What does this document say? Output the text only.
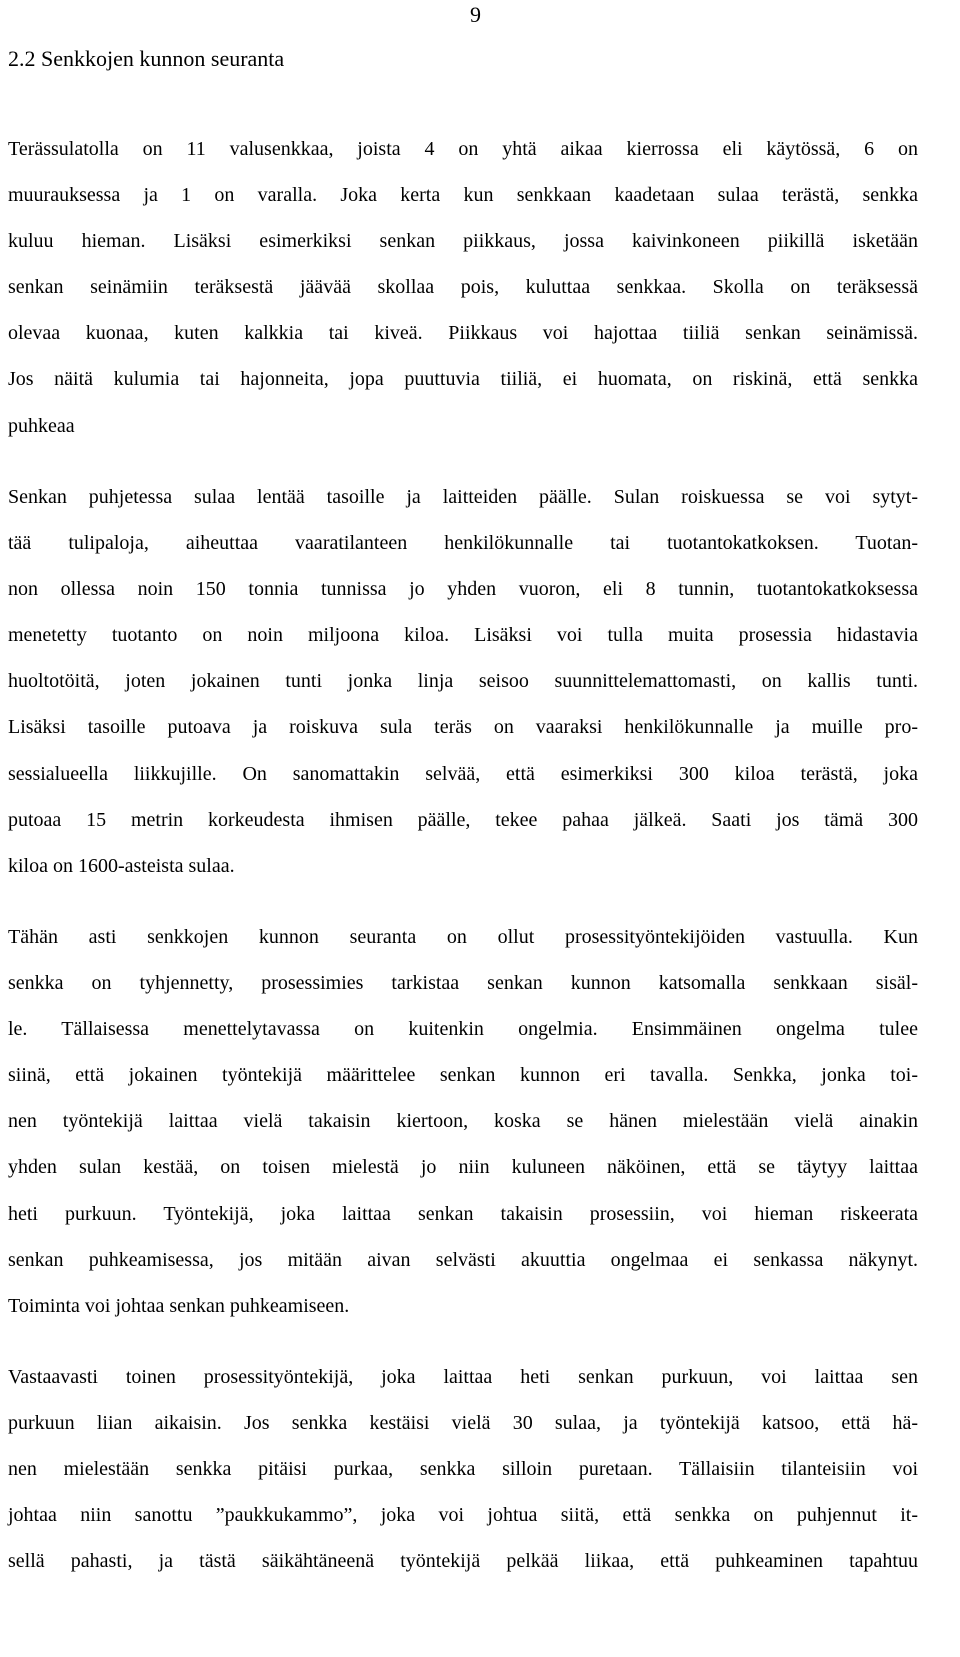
9
2.2 Senkkojen kunnon seuranta
Terässulatolla on 11 valusenkkaa, joista 4 on yhtä aikaa kierrossa eli käytössä, 6 on
muurauksessa ja 1 on varalla. Joka kerta kun senkkaan kaadetaan sulaa terästä, senkka
kuluu hieman. Lisäksi esimerkiksi senkan piikkaus, jossa kaivinkoneen piikillä isketään
senkan seinämiin teräksestä jäävää skollaa pois, kuluttaa senkkaa. Skolla on teräksessä
olevaa kuonaa, kuten kalkkia tai kiveä. Piikkaus voi hajottaa tiiliä senkan seinämissä.
Jos näitä kulumia tai hajonneita, jopa puuttuvia tiiliä, ei huomata, on riskinä, että senkka
puhkeaa
Senkan puhjetessa sulaa lentää tasoille ja laitteiden päälle. Sulan roiskuessa se voi sytyt-
tää tulipaloja, aiheuttaa vaaratilanteen henkilökunnalle tai tuotantokatkoksen. Tuotan-
non ollessa noin 150 tonnia tunnissa jo yhden vuoron, eli 8 tunnin, tuotantokatkoksessa
menetetty tuotanto on noin miljoona kiloa. Lisäksi voi tulla muita prosessia hidastavia
huoltotöitä, joten jokainen tunti jonka linja seisoo suunnittelemattomasti, on kallis tunti.
Lisäksi tasoille putoava ja roiskuva sula teräs on vaaraksi henkilökunnalle ja muille pro-
sessialueella liikkujille. On sanomattakin selvää, että esimerkiksi 300 kiloa terästä, joka
putoaa 15 metrin korkeudesta ihmisen päälle, tekee pahaa jälkeä. Saati jos tämä 300
kiloa on 1600-asteista sulaa.
Tähän asti senkkojen kunnon seuranta on ollut prosessityöntekijöiden vastuulla. Kun
senkka on tyhjennetty, prosessimies tarkistaa senkan kunnon katsomalla senkkaan sisäl-
le. Tällaisessa menettelytavassa on kuitenkin ongelmia. Ensimmäinen ongelma tulee
siinä, että jokainen työntekijä määrittelee senkan kunnon eri tavalla. Senkka, jonka toi-
nen työntekijä laittaa vielä takaisin kiertoon, koska se hänen mielestään vielä ainakin
yhden sulan kestää, on toisen mielestä jo niin kuluneen näköinen, että se täytyy laittaa
heti purkuun. Työntekijä, joka laittaa senkan takaisin prosessiin, voi hieman riskeerata
senkan puhkeamisessa, jos mitään aivan selvästi akuuttia ongelmaa ei senkassa näkynyt.
Toiminta voi johtaa senkan puhkeamiseen.
Vastaavasti toinen prosessityöntekijä, joka laittaa heti senkan purkuun, voi laittaa sen
purkuun liian aikaisin. Jos senkka kestäisi vielä 30 sulaa, ja työntekijä katsoo, että hä-
nen mielestään senkka pitäisi purkaa, senkka silloin puretaan. Tällaisiin tilanteisiin voi
johtaa niin sanottu ”paukkukammo”, joka voi johtua siitä, että senkka on puhjennut it-
sellä pahasti, ja tästä säikähtäneenä työntekijä pelkää liikaa, että puhkeaminen tapahtuu
